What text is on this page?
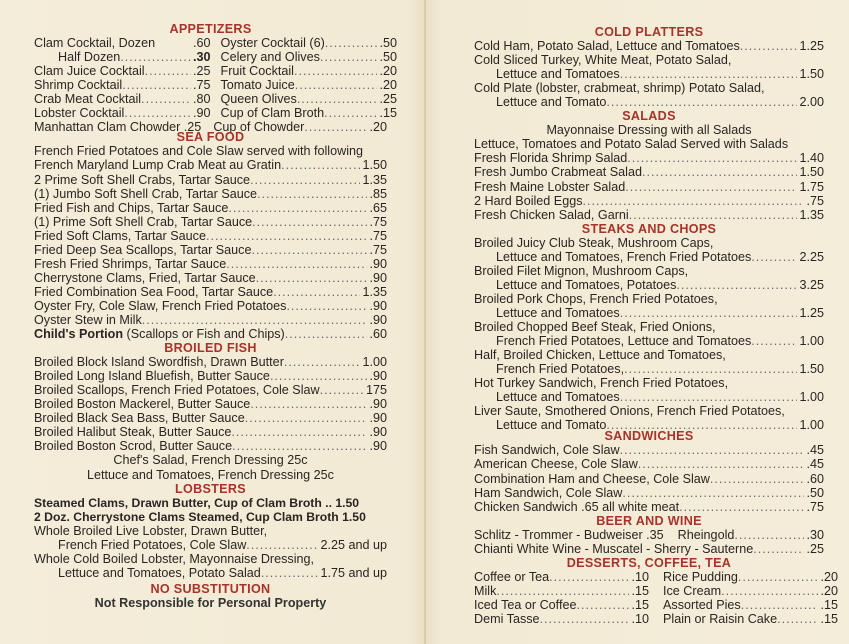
APPETIZERS
Clam Cocktail, Dozen	.60 Oyster Cocktail (6) .....	.50
Half Dozen .....	.30 Celery and Olives .....	.50
Clam Juice Cocktail .....	.25 Fruit Cocktail .....	.20
Shrimp Cocktail .....	.75 Tomato Juice .....	.20
Crab Meat Cocktail .....	.80 Queen Olives .....	.25
Lobster Cocktail .....	.90 Cup of Clam Broth .....	.15
Manhattan Clam Chowder .25 Cup of Chowder .....	.20
SEA FOOD
French Fried Potatoes and Cole Slaw served with following
French Maryland Lump Crab Meat au Gratin .....	1.50
2 Prime Soft Shell Crabs, Tartar Sauce .....	1.35
(1) Jumbo Soft Shell Crab, Tartar Sauce .....	.85
Fried Fish and Chips, Tartar Sauce .....	.65
(1) Prime Soft Shell Crab, Tartar Sauce .....	.75
Fried Soft Clams, Tartar Sauce .....	.75
Fried Deep Sea Scallops, Tartar Sauce .....	.75
Fresh Fried Shrimps, Tartar Sauce .....	.90
Cherrystone Clams, Fried, Tartar Sauce .....	.90
Fried Combination Sea Food, Tartar Sauce .....	1.35
Oyster Fry, Cole Slaw, French Fried Potatoes .....	.90
Oyster Stew in Milk .....	.90
Child's Portion (Scallops or Fish and Chips) .....	.60
BROILED FISH
Broiled Block Island Swordfish, Drawn Butter .....	1.00
Broiled Long Island Bluefish, Butter Sauce .....	.90
Broiled Scallops, French Fried Potatoes, Cole Slaw .....	175
Broiled Boston Mackerel, Butter Sauce .....	.90
Broiled Black Sea Bass, Butter Sauce .....	.90
Broiled Halibut Steak, Butter Sauce .....	.90
Broiled Boston Scrod, Butter Sauce .....	.90
Chef's Salad, French Dressing 25c
Lettuce and Tomatoes, French Dressing 25c
LOBSTERS
Steamed Clams, Drawn Butter, Cup of Clam Broth .. 1.50
2 Doz. Cherrystone Clams Steamed, Cup Clam Broth 1.50
Whole Broiled Live Lobster, Drawn Butter,
French Fried Potatoes, Cole Slaw .....	2.25 and up
Whole Cold Boiled Lobster, Mayonnaise Dressing,
Lettuce and Tomatoes, Potato Salad .....	1.75 and up
NO SUBSTITUTION
Not Responsible for Personal Property
COLD PLATTERS
Cold Ham, Potato Salad, Lettuce and Tomatoes .....	1.25
Cold Sliced Turkey, White Meat, Potato Salad,
Lettuce and Tomatoes .....	1.50
Cold Plate (lobster, crabmeat, shrimp) Potato Salad,
Lettuce and Tomato .....	2.00
SALADS
Mayonnaise Dressing with all Salads
Lettuce, Tomatoes and Potato Salad Served with Salads
Fresh Florida Shrimp Salad .....	1.40
Fresh Jumbo Crabmeat Salad .....	1.50
Fresh Maine Lobster Salad .....	1.75
2 Hard Boiled Eggs .....	.75
Fresh Chicken Salad, Garni .....	1.35
STEAKS AND CHOPS
Broiled Juicy Club Steak, Mushroom Caps,
Lettuce and Tomatoes, French Fried Potatoes .....	2.25
Broiled Filet Mignon, Mushroom Caps,
Lettuce and Tomatoes, Potatoes .....	3.25
Broiled Pork Chops, French Fried Potatoes,
Lettuce and Tomatoes .....	1.25
Broiled Chopped Beef Steak, Fried Onions,
French Fried Potatoes, Lettuce and Tomatoes .....	1.00
Half, Broiled Chicken, Lettuce and Tomatoes,
French Fried Potatoes, .....	1.50
Hot Turkey Sandwich, French Fried Potatoes,
Lettuce and Tomatoes .....	1.00
Liver Saute, Smothered Onions, French Fried Potatoes,
Lettuce and Tomato .....	1.00
SANDWICHES
Fish Sandwich, Cole Slaw .....	.45
American Cheese, Cole Slaw .....	.45
Combination Ham and Cheese, Cole Slaw .....	.60
Ham Sandwich, Cole Slaw .....	.50
Chicken Sandwich .65 all white meat .....	.75
BEER AND WINE
Schlitz - Trommer - Budweiser .35	Rheingold .....	.30
Chianti White Wine - Muscatel - Sherry - Sauterne .....	.25
DESSERTS, COFFEE, TEA
Coffee or Tea .....	.10 Rice Pudding .....	.20
Milk .....	.15 Ice Cream .....	.20
Iced Tea or Coffee .....	.15 Assorted Pies .....	.15
Demi Tasse .....	.10 Plain or Raisin Cake .....	.15
